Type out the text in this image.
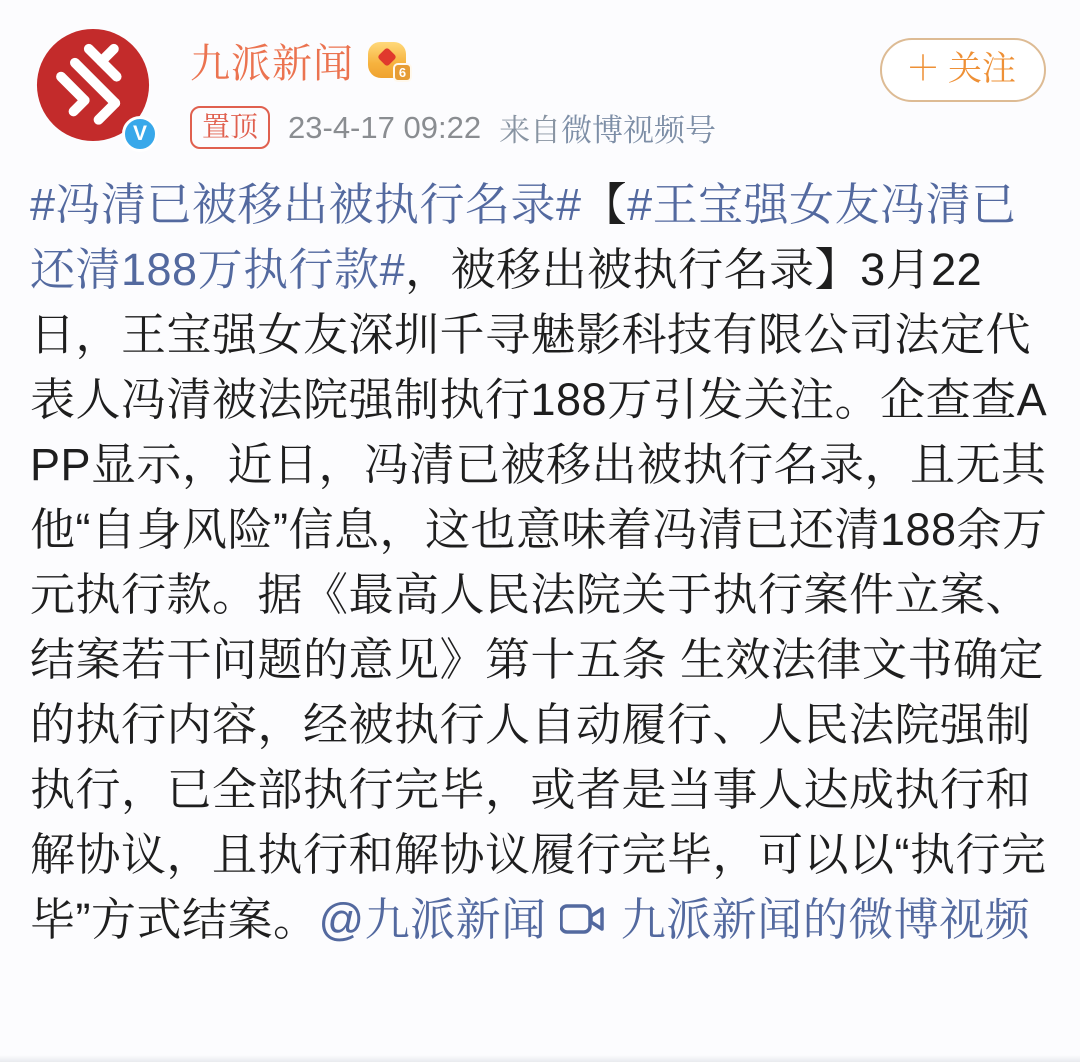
V
九派新闻	6
置顶 23-4-17 09:22 来自微博视频号
＋ 关注
#冯清已被移出被执行名录#【#王宝强女友冯清已还清188万执行款#，被移出被执行名录】3月22日，王宝强女友深圳千寻魅影科技有限公司法定代表人冯清被法院强制执行188万引发关注。企查查APP显示，近日，冯清已被移出被执行名录，且无其他“自身风险”信息，这也意味着冯清已还清188余万元执行款。据《最高人民法院关于执行案件立案、结案若干问题的意见》第十五条 生效法律文书确定的执行内容，经被执行人自动履行、人民法院强制执行，已全部执行完毕，或者是当事人达成执行和解协议，且执行和解协议履行完毕，可以以“执行完毕”方式结案。@九派新闻 九派新闻的微博视频
